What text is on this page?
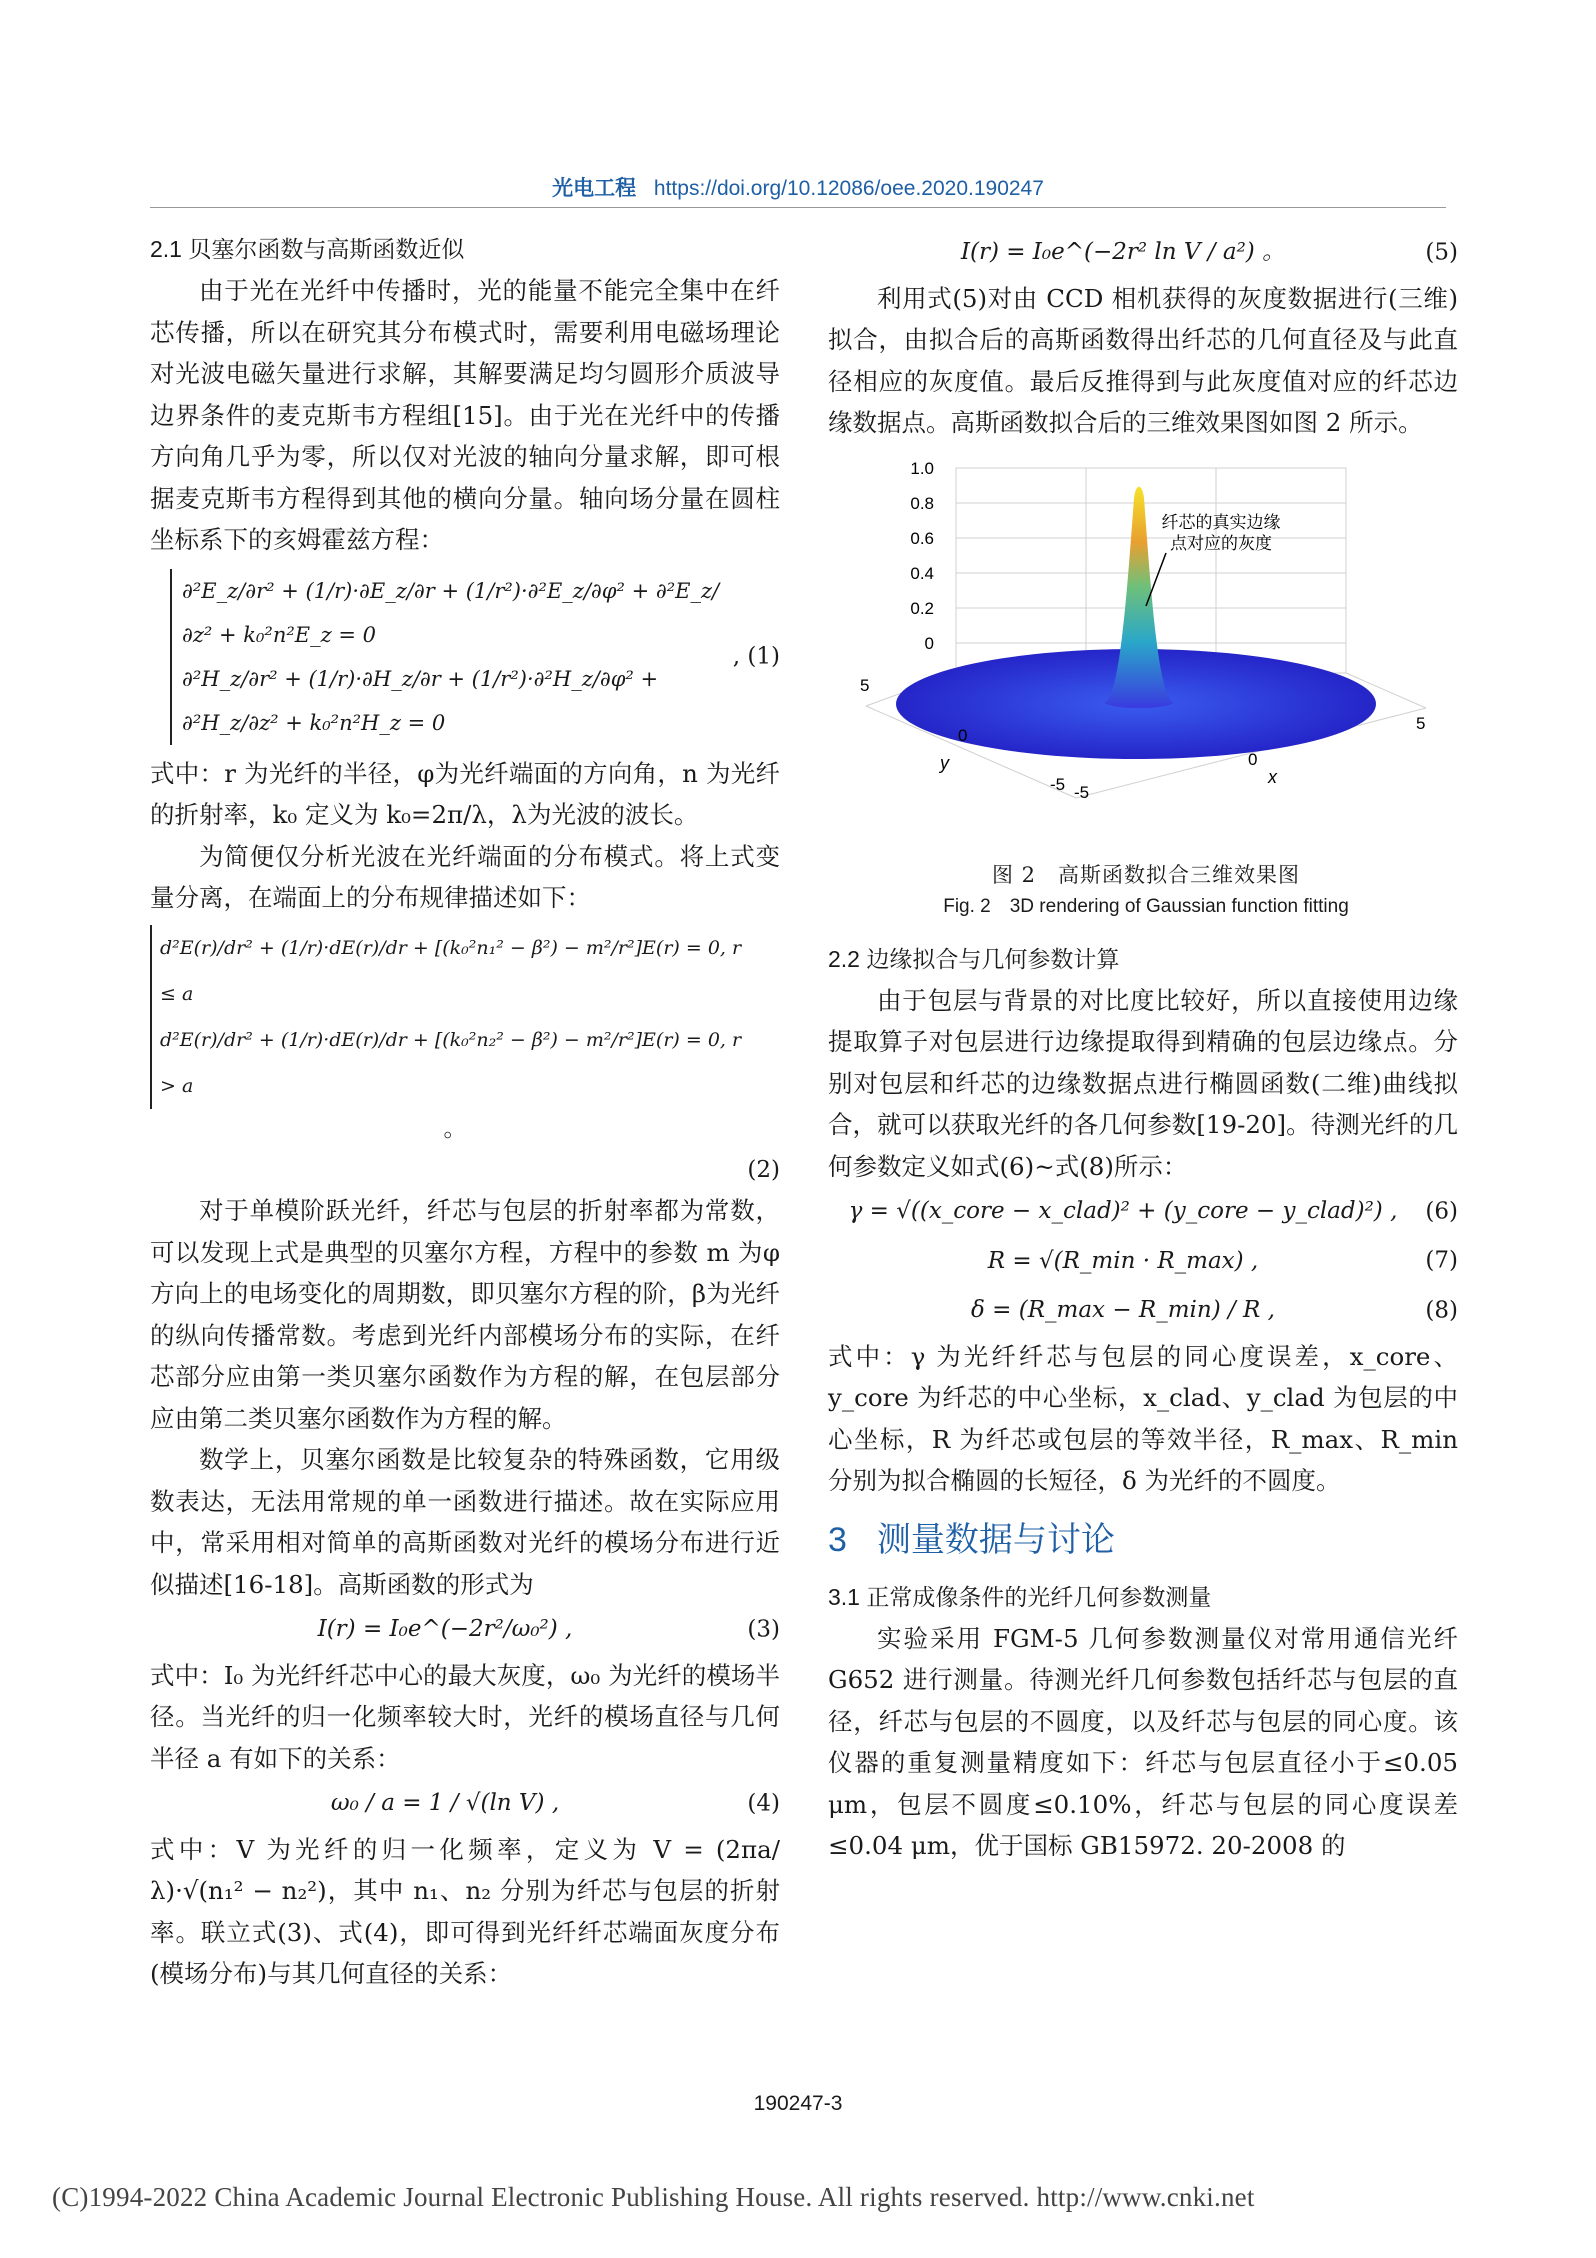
光电工程 https://doi.org/10.12086/oee.2020.190247
2.1 贝塞尔函数与高斯函数近似
由于光在光纤中传播时，光的能量不能完全集中在纤芯传播，所以在研究其分布模式时，需要利用电磁场理论对光波电磁矢量进行求解，其解要满足均匀圆形介质波导边界条件的麦克斯韦方程组[15]。由于光在光纤中的传播方向角几乎为零，所以仅对光波的轴向分量求解，即可根据麦克斯韦方程得到其他的横向分量。轴向场分量在圆柱坐标系下的亥姆霍兹方程：
∂²E_z/∂r² + (1/r)·∂E_z/∂r + (1/r²)·∂²E_z/∂φ² + ∂²E_z/∂z² + k₀²n²E_z = 0
∂²H_z/∂r² + (1/r)·∂H_z/∂r + (1/r²)·∂²H_z/∂φ² + ∂²H_z/∂z² + k₀²n²H_z = 0
, (1)
式中：r 为光纤的半径，φ为光纤端面的方向角，n 为光纤的折射率，k₀ 定义为 k₀=2π/λ，λ为光波的波长。
为简便仅分析光波在光纤端面的分布模式。将上式变量分离，在端面上的分布规律描述如下：
d²E(r)/dr² + (1/r)·dE(r)/dr + [(k₀²n₁² − β²) − m²/r²]E(r) = 0, r ≤ a
d²E(r)/dr² + (1/r)·dE(r)/dr + [(k₀²n₂² − β²) − m²/r²]E(r) = 0, r > a
。
(2)
对于单模阶跃光纤，纤芯与包层的折射率都为常数，可以发现上式是典型的贝塞尔方程，方程中的参数 m 为φ方向上的电场变化的周期数，即贝塞尔方程的阶，β为光纤的纵向传播常数。考虑到光纤内部模场分布的实际，在纤芯部分应由第一类贝塞尔函数作为方程的解，在包层部分应由第二类贝塞尔函数作为方程的解。
数学上，贝塞尔函数是比较复杂的特殊函数，它用级数表达，无法用常规的单一函数进行描述。故在实际应用中，常采用相对简单的高斯函数对光纤的模场分布进行近似描述[16-18]。高斯函数的形式为
I(r) = I₀e^(−2r²/ω₀²) ,	(3)
式中：I₀ 为光纤纤芯中心的最大灰度，ω₀ 为光纤的模场半径。当光纤的归一化频率较大时，光纤的模场直径与几何半径 a 有如下的关系：
ω₀ / a = 1 / √(ln V) ,	(4)
式中：V 为光纤的归一化频率，定义为 V = (2πa/λ)·√(n₁² − n₂²)，其中 n₁、n₂ 分别为纤芯与包层的折射率。联立式(3)、式(4)，即可得到光纤纤芯端面灰度分布(模场分布)与其几何直径的关系：
I(r) = I₀e^(−2r² ln V / a²) 。	(5)
利用式(5)对由 CCD 相机获得的灰度数据进行(三维)拟合，由拟合后的高斯函数得出纤芯的几何直径及与此直径相应的灰度值。最后反推得到与此灰度值对应的纤芯边缘数据点。高斯函数拟合后的三维效果图如图 2 所示。
纤芯的真实边缘
点对应的灰度
1.0
0.8
0.6
0.4
0.2
0
5
0
-5
y
5
0
-5
x
图 2　高斯函数拟合三维效果图
Fig. 2　3D rendering of Gaussian function fitting
2.2 边缘拟合与几何参数计算
由于包层与背景的对比度比较好，所以直接使用边缘提取算子对包层进行边缘提取得到精确的包层边缘点。分别对包层和纤芯的边缘数据点进行椭圆函数(二维)曲线拟合，就可以获取光纤的各几何参数[19-20]。待测光纤的几何参数定义如式(6)~式(8)所示：
γ = √((x_core − x_clad)² + (y_core − y_clad)²) , (6)
R = √(R_min · R_max) ,	(7)
δ = (R_max − R_min) / R ,	(8)
式中：γ 为光纤纤芯与包层的同心度误差，x_core、y_core 为纤芯的中心坐标，x_clad、y_clad 为包层的中心坐标，R 为纤芯或包层的等效半径，R_max、R_min 分别为拟合椭圆的长短径，δ 为光纤的不圆度。
3 测量数据与讨论
3.1 正常成像条件的光纤几何参数测量
实验采用 FGM-5 几何参数测量仪对常用通信光纤 G652 进行测量。待测光纤几何参数包括纤芯与包层的直径，纤芯与包层的不圆度，以及纤芯与包层的同心度。该仪器的重复测量精度如下：纤芯与包层直径小于≤0.05 μm，包层不圆度≤0.10%，纤芯与包层的同心度误差≤0.04 μm，优于国标 GB15972. 20-2008 的
190247-3
(C)1994-2022 China Academic Journal Electronic Publishing House. All rights reserved. http://www.cnki.net
